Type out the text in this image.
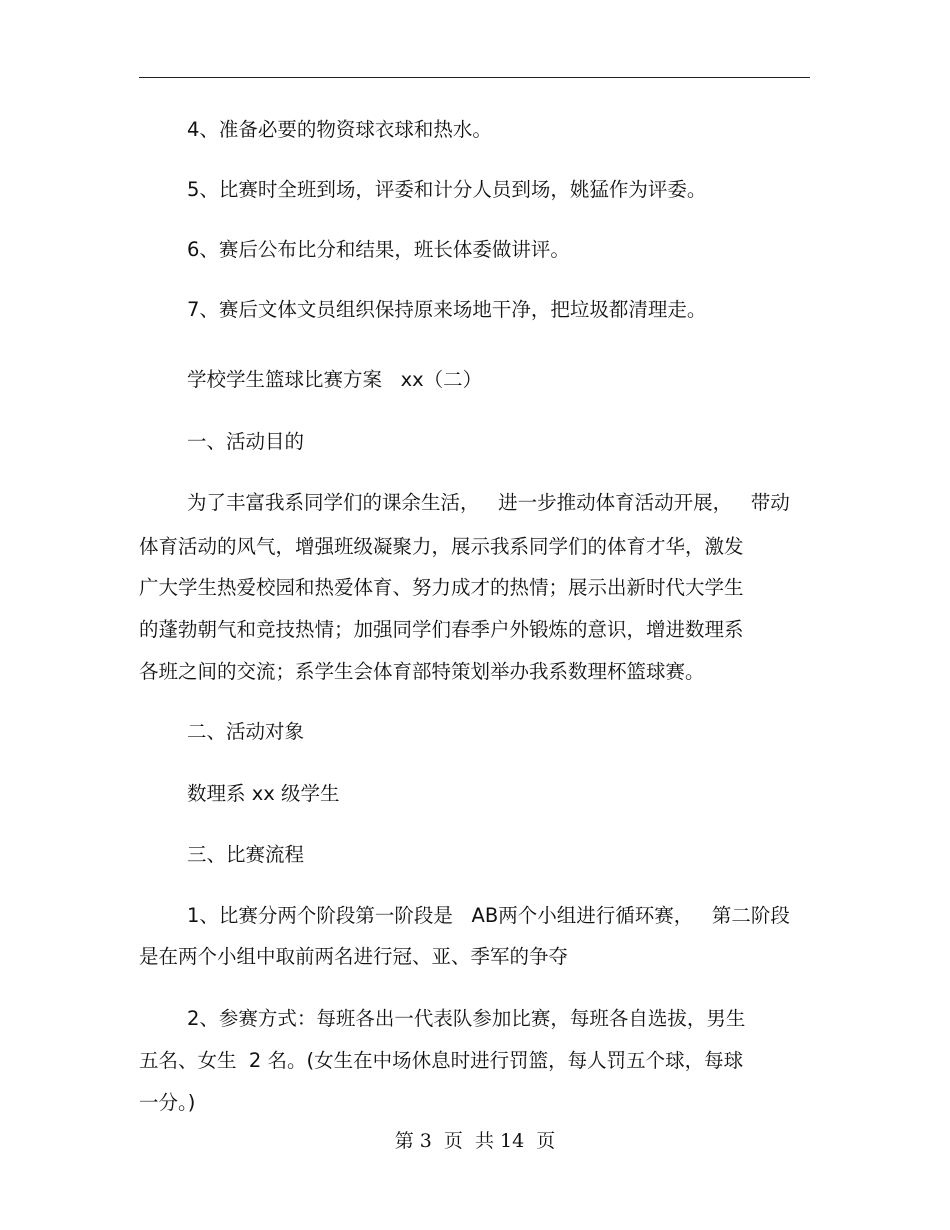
4、准备必要的物资球衣球和热水。
5、比赛时全班到场，评委和计分人员到场，姚猛作为评委。
6、赛后公布比分和结果，班长体委做讲评。
7、赛后文体文员组织保持原来场地干净，把垃圾都清理走。
学校学生篮球比赛方案   xx（二）
一、活动目的
为了丰富我系同学们的课余生活，   进一步推动体育活动开展，   带动
体育活动的风气，增强班级凝聚力，展示我系同学们的体育才华，激发
广大学生热爱校园和热爱体育、努力成才的热情；展示出新时代大学生
的蓬勃朝气和竞技热情；加强同学们春季户外锻炼的意识，增进数理系
各班之间的交流；系学生会体育部特策划举办我系数理杯篮球赛。
二、活动对象
数理系 xx 级学生
三、比赛流程
1、比赛分两个阶段第一阶段是   AB两个小组进行循环赛，   第二阶段
是在两个小组中取前两名进行冠、亚、季军的争夺
2、参赛方式：每班各出一代表队参加比赛，每班各自选拔，男生
五名、女生  2 名。(女生在中场休息时进行罚篮，每人罚五个球，每球
一分。)
第 3  页  共 14  页
